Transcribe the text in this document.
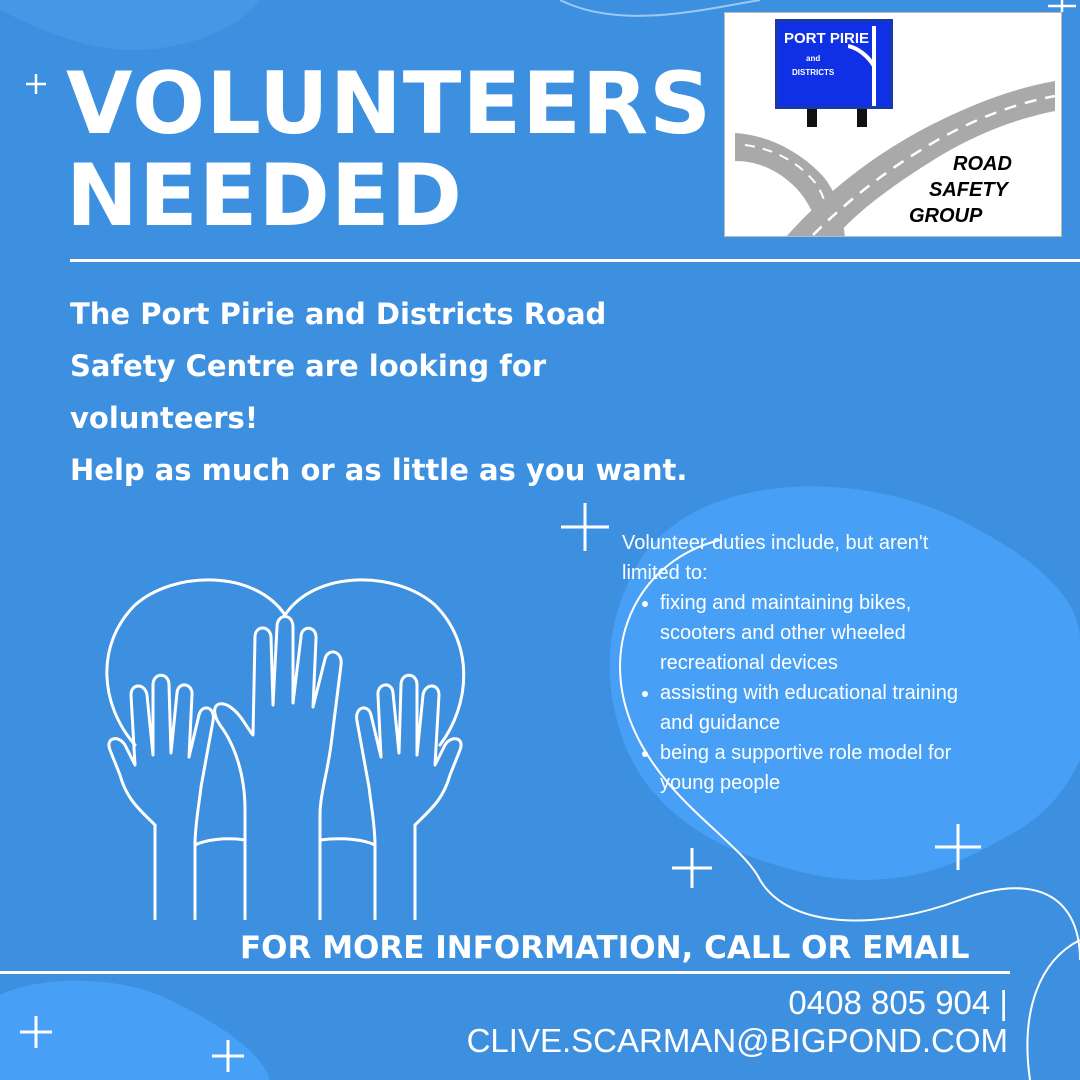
VOLUNTEERS
NEEDED
PORT PIRIE
and
DISTRICTS
ROAD
SAFETY
GROUP

The Port Pirie and Districts Road Safety Centre are looking for volunteers!

Help as much or as little as you want.

Volunteer duties include, but aren't limited to:

• fixing and maintaining bikes, scooters and other wheeled recreational devices
• assisting with educational training and guidance
• being a supportive role model for young people
FOR MORE INFORMATION, CALL OR EMAIL
0408 805 904 |
CLIVE.SCARMAN@BIGPOND.COM
